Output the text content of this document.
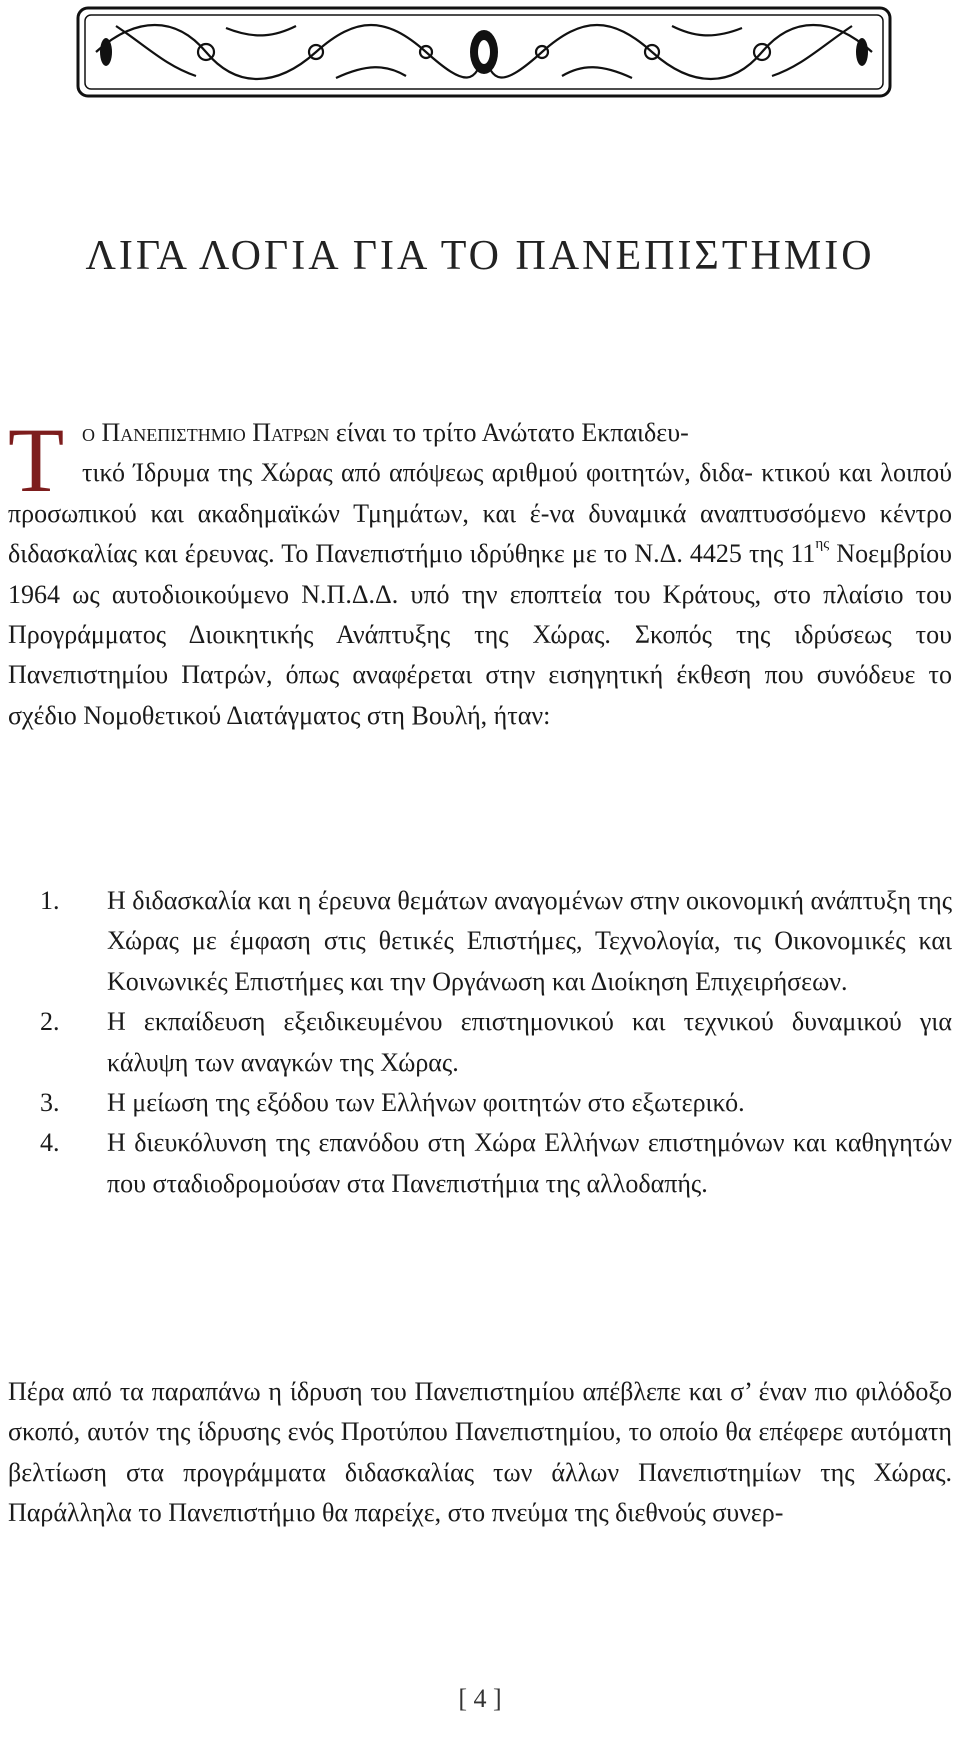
ΛΙΓΑ ΛΟΓΙΑ ΓΙΑ ΤΟ ΠΑΝΕΠΙΣΤΗΜΙΟ
Τ ο Πανεπιστημιο Πατρων είναι το τρίτο Ανώτατο Εκπαιδευ-
τικό Ίδρυμα της Χώρας από απόψεως αριθμού φοιτητών, διδα- κτικού και λοιπού προσωπικού και ακαδημαϊκών Τμημάτων, και έ-να δυναμικά αναπτυσσόμενο κέντρο διδασκαλίας και έρευνας. Το Πανεπιστήμιο ιδρύθηκε με το Ν.Δ. 4425 της $11^{\eta\varsigma}$ Νοεμβρίου 1964 ως αυτοδιοικούμενο Ν.Π.Δ.Δ. υπό την εποπτεία του Κράτους, στο πλαίσιο του Προγράμματος Διοικητικής Ανάπτυξης της Χώρας. Σκοπός της ιδρύσεως του Πανεπιστημίου Πατρών, όπως αναφέρεται στην εισηγητική έκθεση που συνόδευε το σχέδιο Νομοθετικού Διατάγματος στη Βουλή, ήταν:
1. Η διδασκαλία και η έρευνα θεμάτων αναγομένων στην οικονομική ανάπτυξη της Χώρας με έμφαση στις θετικές Επιστήμες, Τεχνολογία, τις Οικονομικές και Κοινωνικές Επιστήμες και την Οργάνωση και Διοίκηση Επιχειρήσεων.
2. Η εκπαίδευση εξειδικευμένου επιστημονικού και τεχνικού δυναμικού για κάλυψη των αναγκών της Χώρας.
3. Η μείωση της εξόδου των Ελλήνων φοιτητών στο εξωτερικό.
4. Η διευκόλυνση της επανόδου στη Χώρα Ελλήνων επιστημόνων και καθηγητών που σταδιοδρομούσαν στα Πανεπιστήμια της αλλοδαπής.

Πέρα από τα παραπάνω η ίδρυση του Πανεπιστημίου απέβλεπε και σ’ έναν πιο φιλόδοξο σκοπό, αυτόν της ίδρυσης ενός Προτύπου Πανεπιστημίου, το οποίο θα επέφερε αυτόματη βελτίωση στα προγράμματα διδασκαλίας των άλλων Πανεπιστημίων της Χώρας. Παράλληλα το Πανεπιστήμιο θα παρείχε, στο πνεύμα της διεθνούς συνερ-

[ 4 ]
